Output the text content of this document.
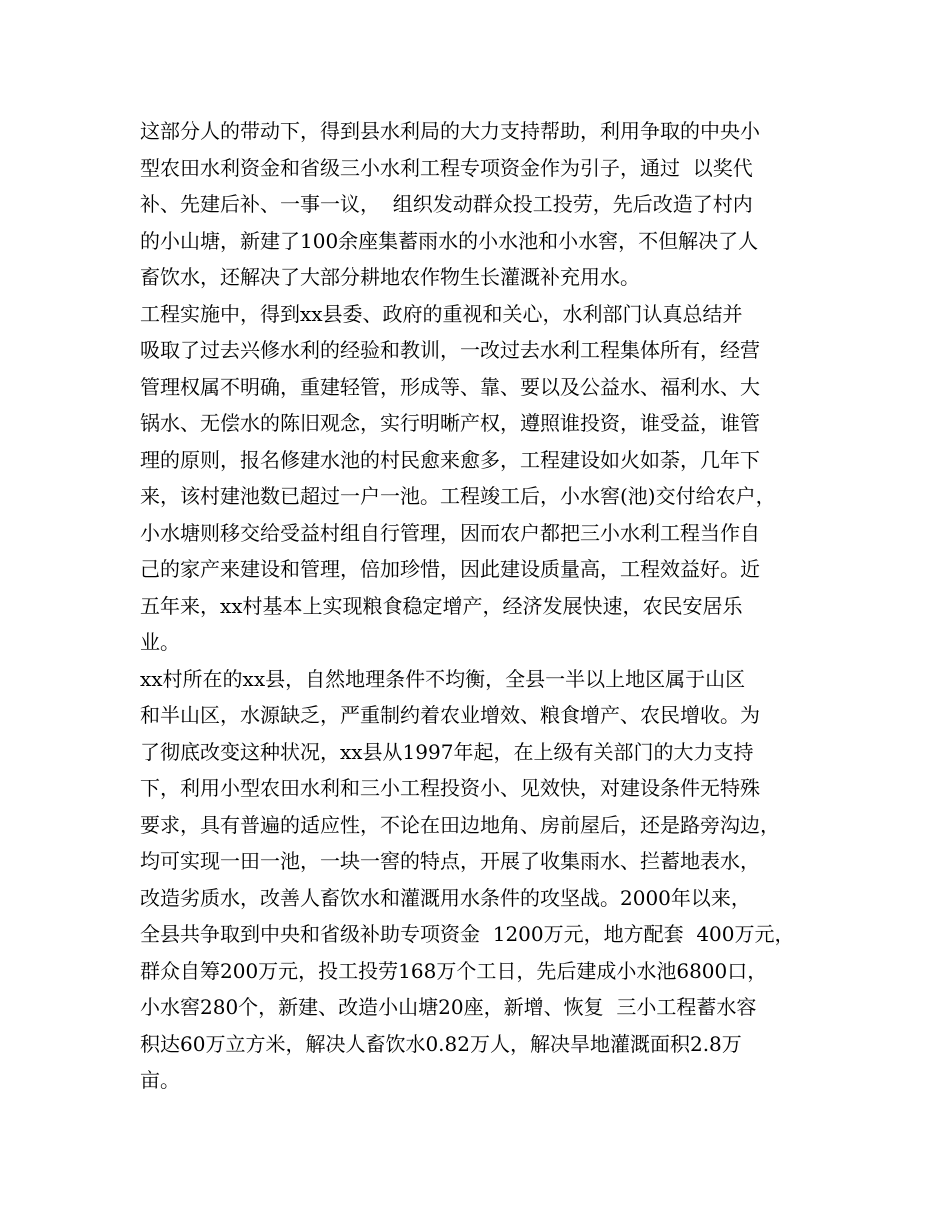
这部分人的带动下，得到县水利局的大力支持帮助，利用争取的中央小
型农田水利资金和省级三小水利工程专项资金作为引子，通过  以奖代
补、先建后补、一事一议，  组织发动群众投工投劳，先后改造了村内
的小山塘，新建了100余座集蓄雨水的小水池和小水窖，不但解决了人
畜饮水，还解决了大部分耕地农作物生长灌溉补充用水。
工程实施中，得到xx县委、政府的重视和关心，水利部门认真总结并
吸取了过去兴修水利的经验和教训，一改过去水利工程集体所有，经营
管理权属不明确，重建轻管，形成等、靠、要以及公益水、福利水、大
锅水、无偿水的陈旧观念，实行明晰产权，遵照谁投资，谁受益，谁管
理的原则，报名修建水池的村民愈来愈多，工程建设如火如荼，几年下
来，该村建池数已超过一户一池。工程竣工后，小水窖(池)交付给农户，
小水塘则移交给受益村组自行管理，因而农户都把三小水利工程当作自
己的家产来建设和管理，倍加珍惜，因此建设质量高，工程效益好。近
五年来，xx村基本上实现粮食稳定增产，经济发展快速，农民安居乐
业。
xx村所在的xx县，自然地理条件不均衡，全县一半以上地区属于山区
和半山区，水源缺乏，严重制约着农业增效、粮食增产、农民增收。为
了彻底改变这种状况，xx县从1997年起，在上级有关部门的大力支持
下，利用小型农田水利和三小工程投资小、见效快，对建设条件无特殊
要求，具有普遍的适应性，不论在田边地角、房前屋后，还是路旁沟边，
均可实现一田一池，一块一窖的特点，开展了收集雨水、拦蓄地表水，
改造劣质水，改善人畜饮水和灌溉用水条件的攻坚战。2000年以来，
全县共争取到中央和省级补助专项资金  1200万元，地方配套  400万元，
群众自筹200万元，投工投劳168万个工日，先后建成小水池6800口，
小水窖280个，新建、改造小山塘20座，新增、恢复  三小工程蓄水容
积达60万立方米，解决人畜饮水0.82万人，解决旱地灌溉面积2.8万
亩。
